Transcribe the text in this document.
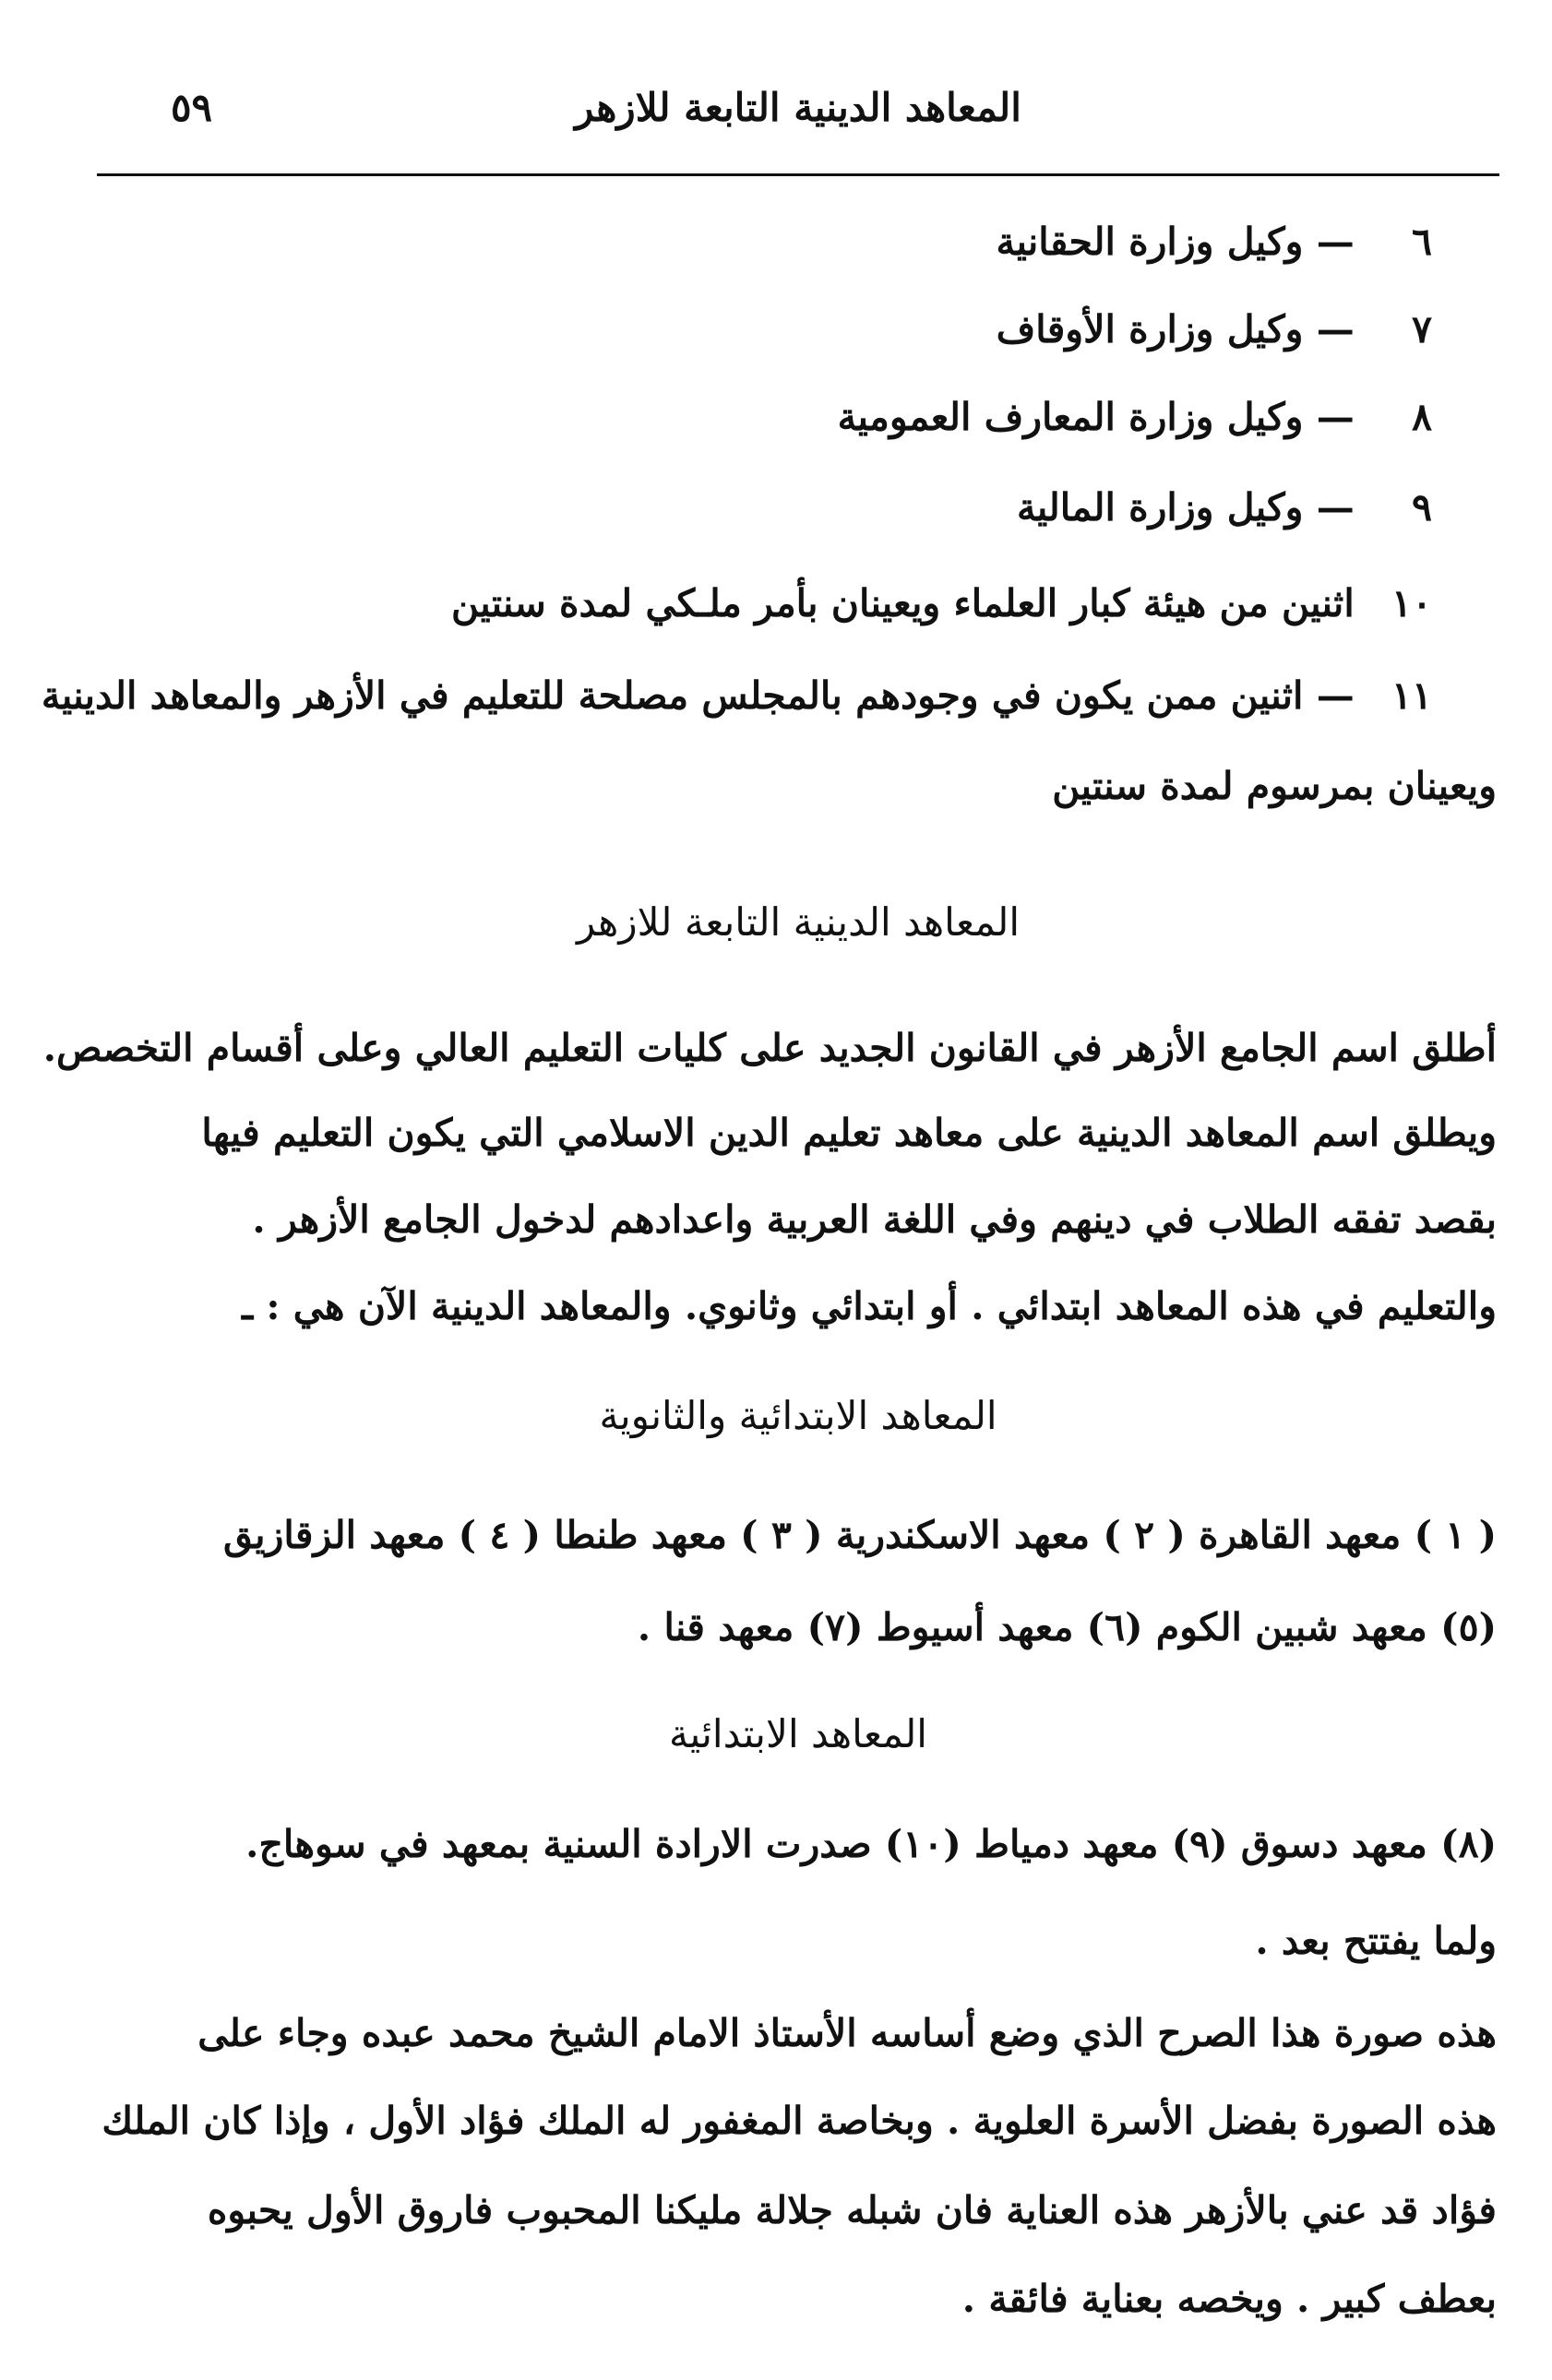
المعاهد الدينية التابعة للازهر
٥٩
٦ — وكيل وزارة الحقانية
٧ — وكيل وزارة الأوقاف
٨ — وكيل وزارة المعارف العمومية
٩ — وكيل وزارة المالية
١٠ اثنين من هيئة كبار العلماء ويعينان بأمر ملـكي لمدة سنتين
١١ — اثنين ممن يكون في وجودهم بالمجلس مصلحة للتعليم في الأزهر والمعاهد الدينية
ويعينان بمرسوم لمدة سنتين
المعاهد الدينية التابعة للازهر
أطلق اسم الجامع الأزهر في القانون الجديد على كليات التعليم العالي وعلى أقسام التخصص.
ويطلق اسم المعاهد الدينية على معاهد تعليم الدين الاسلامي التي يكون التعليم فيها
بقصد تفقه الطلاب في دينهم وفي اللغة العربية واعدادهم لدخول الجامع الأزهر .
والتعليم في هذه المعاهد ابتدائي . أو ابتدائي وثانوي. والمعاهد الدينية الآن هي : ـ
المعاهد الابتدائية والثانوية
( ١ ) معهد القاهرة ( ٢ ) معهد الاسكندرية ( ٣ ) معهد طنطا ( ٤ ) معهد الزقازيق
(٥) معهد شبين الكوم (٦) معهد أسيوط (٧) معهد قنا .
المعاهد الابتدائية
(٨) معهد دسوق (٩) معهد دمياط (١٠) صدرت الارادة السنية بمعهد في سوهاج.
ولما يفتتح بعد .
هذه صورة هذا الصرح الذي وضع أساسه الأستاذ الامام الشيخ محمد عبده وجاء على
هذه الصورة بفضل الأسرة العلوية . وبخاصة المغفور له الملك فؤاد الأول ، وإذا كان الملك
فؤاد قد عني بالأزهر هذه العناية فان شبله جلالة مليكنا المحبوب فاروق الأول يحبوه
بعطف كبير . ويخصه بعناية فائقة .
